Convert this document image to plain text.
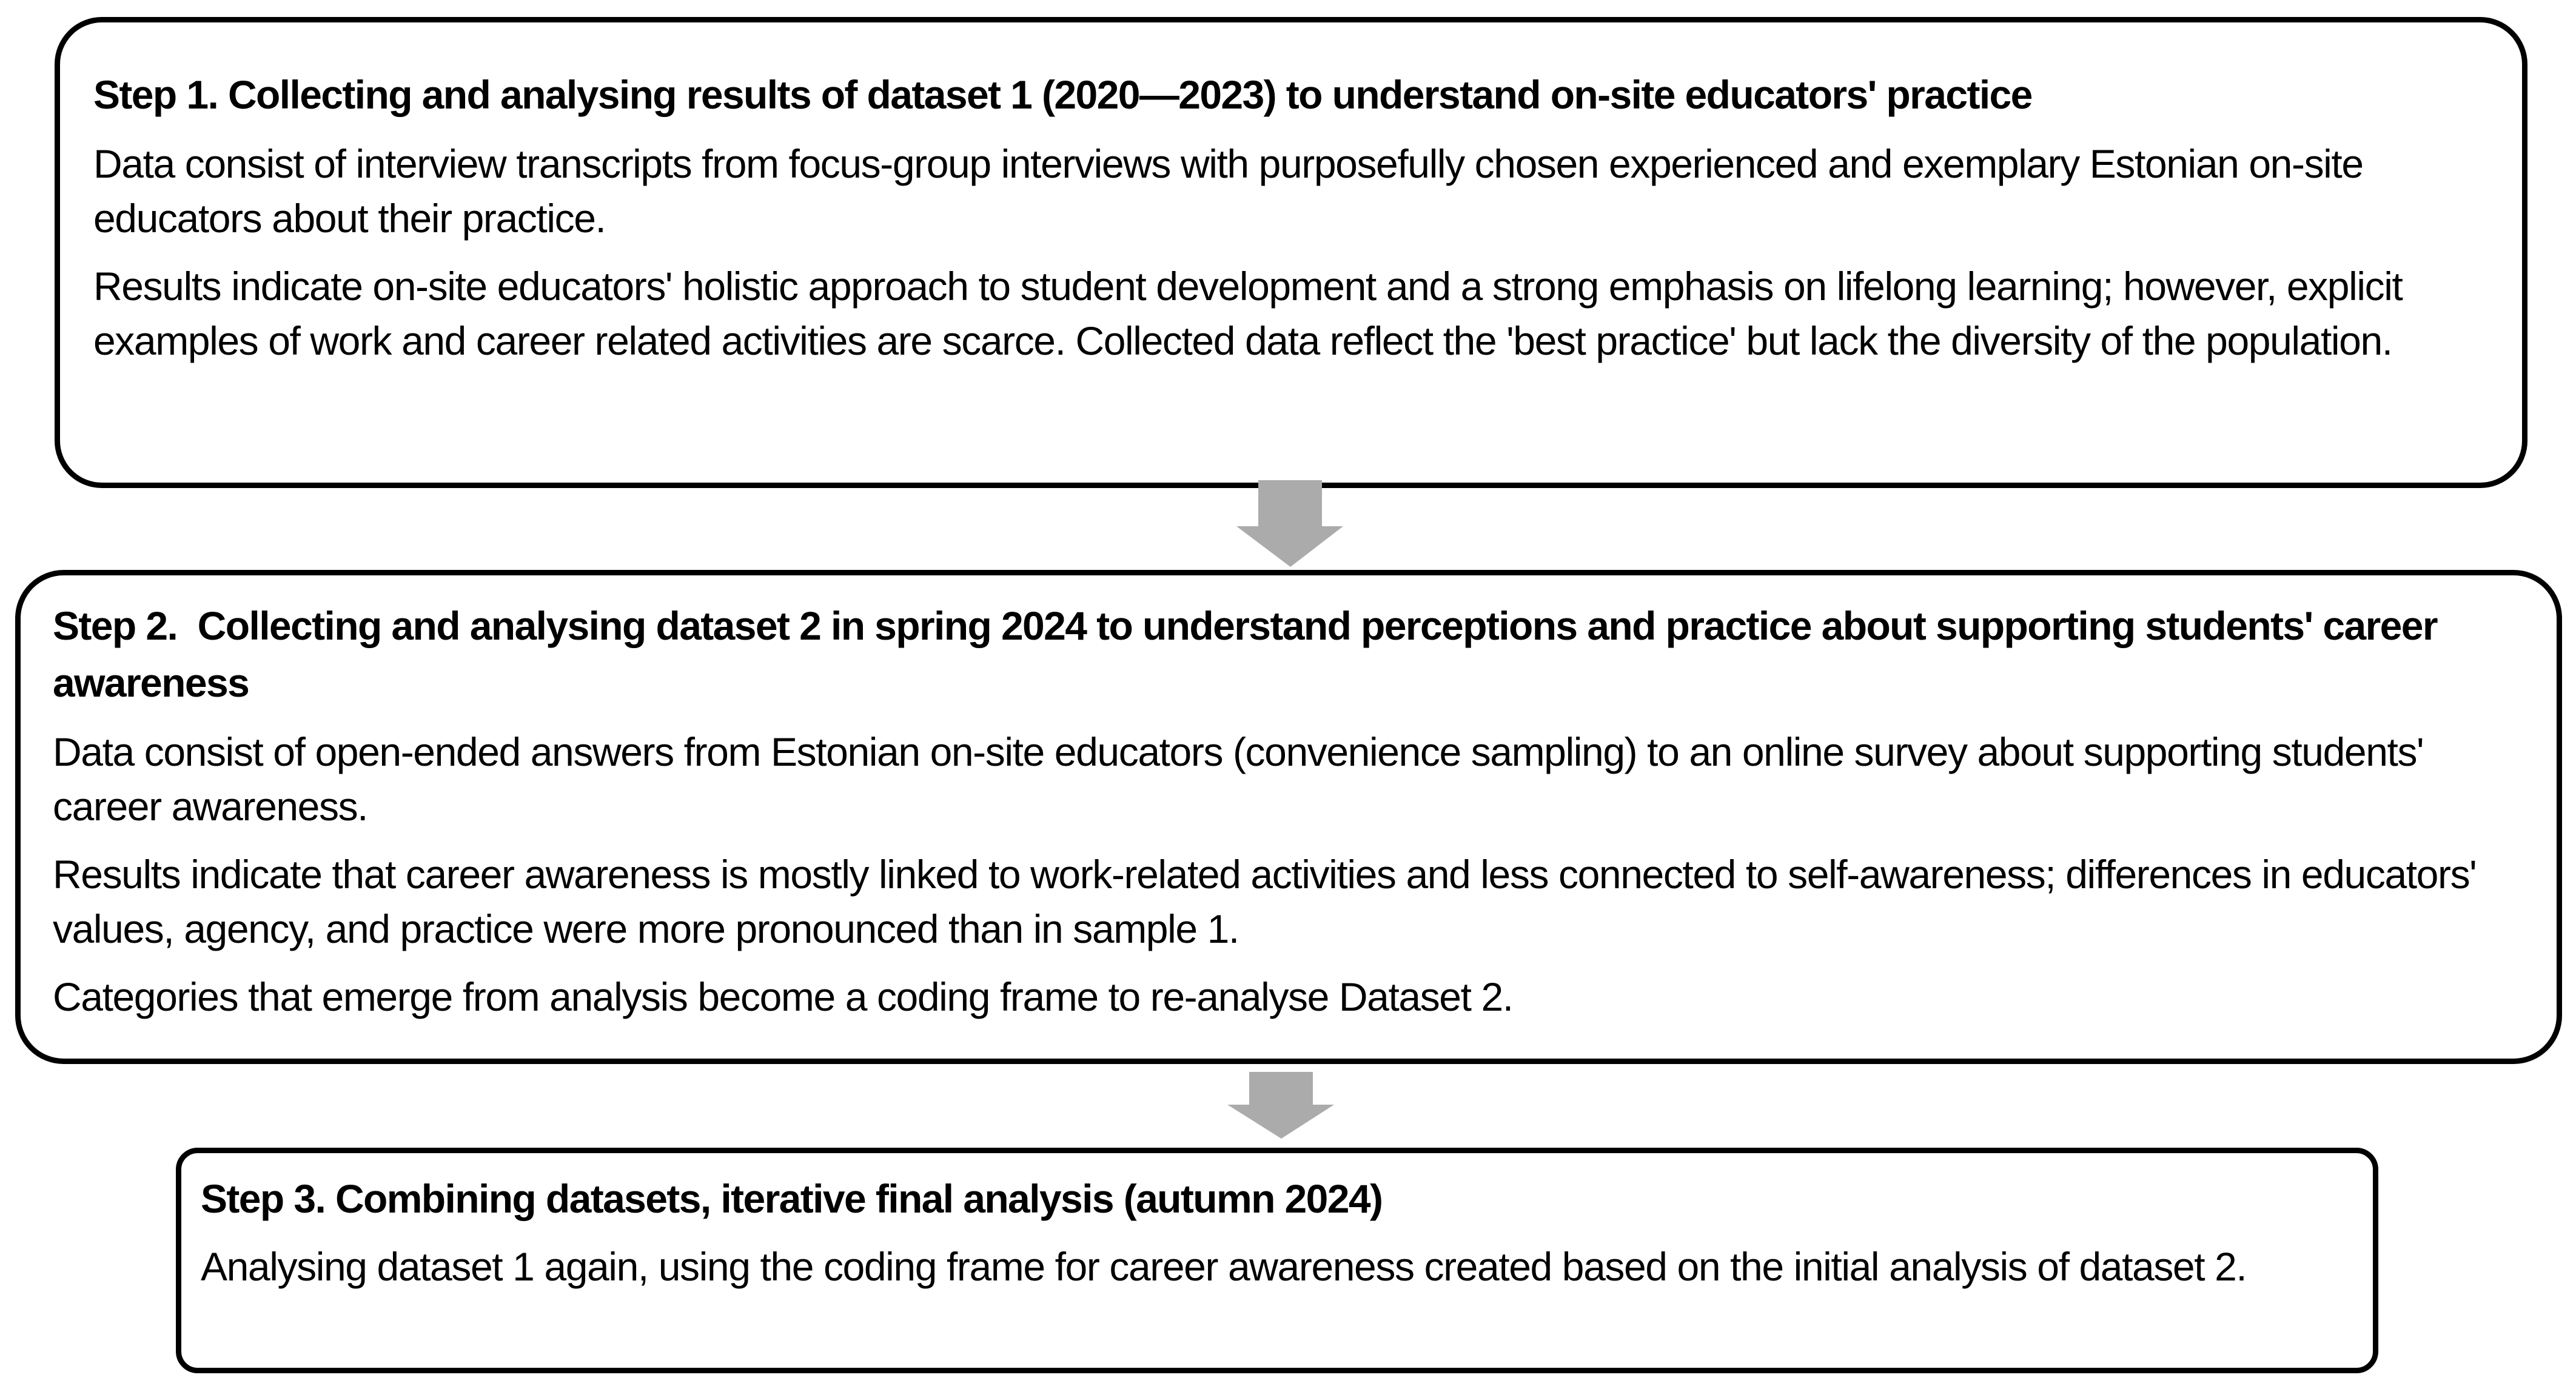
Step 1. Collecting and analysing results of dataset 1 (2020—2023) to understand on-site educators' practice

Data consist of interview transcripts from focus-group interviews with purposefully chosen experienced and exemplary Estonian on-site educators about their practice.

Results indicate on-site educators' holistic approach to student development and a strong emphasis on lifelong learning; however, explicit examples of work and career related activities are scarce. Collected data reflect the 'best practice' but lack the diversity of the population.

Step 2.  Collecting and analysing dataset 2 in spring 2024 to understand perceptions and practice about supporting students' career awareness

Data consist of open-ended answers from Estonian on-site educators (convenience sampling) to an online survey about supporting students' career awareness.

Results indicate that career awareness is mostly linked to work-related activities and less connected to self-awareness; differences in educators' values, agency, and practice were more pronounced than in sample 1.

Categories that emerge from analysis become a coding frame to re-analyse Dataset 2.

Step 3. Combining datasets, iterative final analysis (autumn 2024)

Analysing dataset 1 again, using the coding frame for career awareness created based on the initial analysis of dataset 2.
